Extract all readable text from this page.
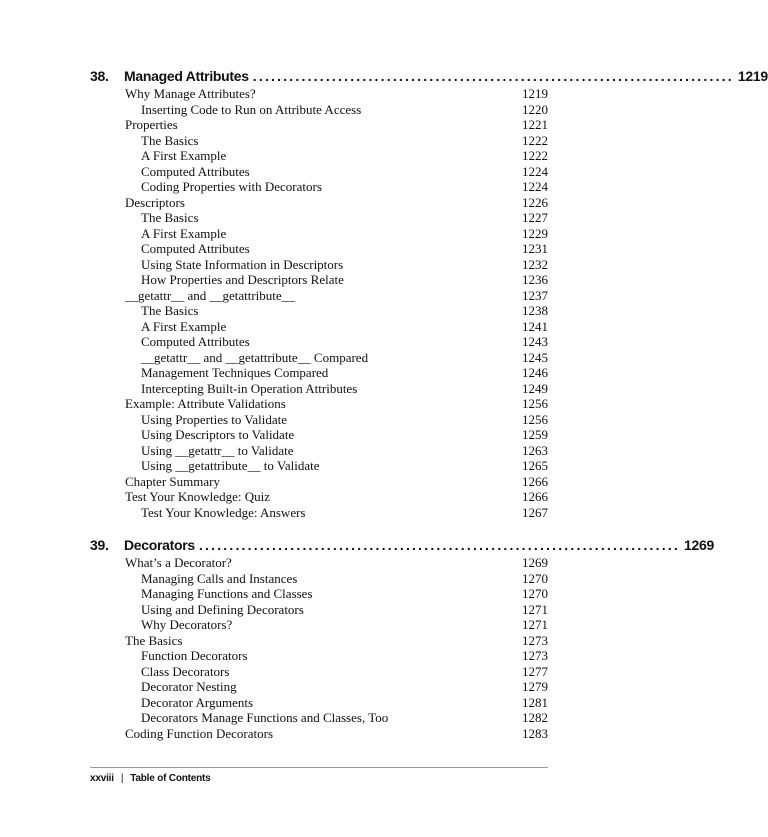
38.	Managed Attributes ............................................................................... 1219
Why Manage Attributes?	1219
Inserting Code to Run on Attribute Access	1220
Properties	1221
The Basics	1222
A First Example	1222
Computed Attributes	1224
Coding Properties with Decorators	1224
Descriptors	1226
The Basics	1227
A First Example	1229
Computed Attributes	1231
Using State Information in Descriptors	1232
How Properties and Descriptors Relate	1236
__getattr__ and __getattribute__	1237
The Basics	1238
A First Example	1241
Computed Attributes	1243
__getattr__ and __getattribute__ Compared	1245
Management Techniques Compared	1246
Intercepting Built-in Operation Attributes	1249
Example: Attribute Validations	1256
Using Properties to Validate	1256
Using Descriptors to Validate	1259
Using __getattr__ to Validate	1263
Using __getattribute__ to Validate	1265
Chapter Summary	1266
Test Your Knowledge: Quiz	1266
Test Your Knowledge: Answers	1267
39.	Decorators ............................................................................... 1269
What’s a Decorator?	1269
Managing Calls and Instances	1270
Managing Functions and Classes	1270
Using and Defining Decorators	1271
Why Decorators?	1271
The Basics	1273
Function Decorators	1273
Class Decorators	1277
Decorator Nesting	1279
Decorator Arguments	1281
Decorators Manage Functions and Classes, Too	1282
Coding Function Decorators	1283
xxviii | Table of Contents
